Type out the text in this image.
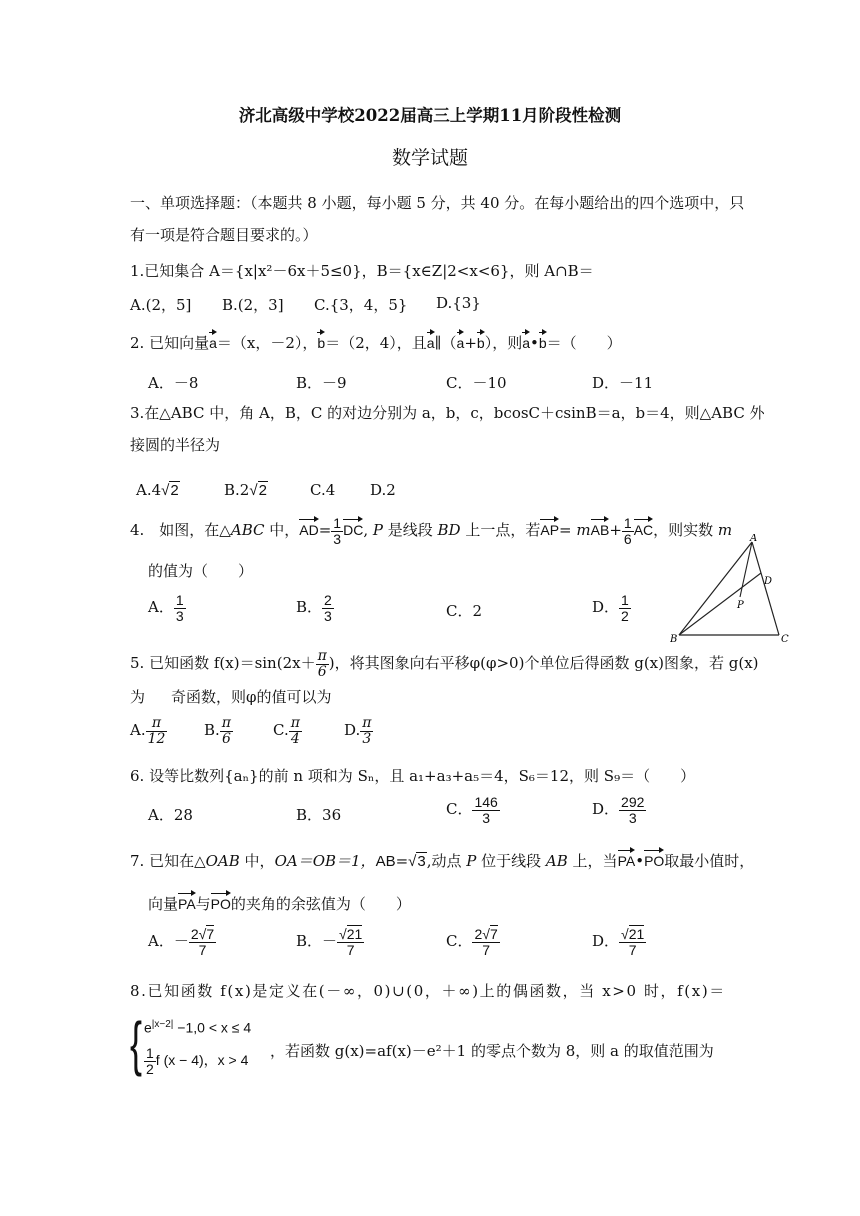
济北高级中学校2022届高三上学期11月阶段性检测
数学试题
一、单项选择题：（本题共 8 小题，每小题 5 分，共 40 分。在每小题给出的四个选项中，只
有一项是符合题目要求的。）
1.已知集合 A＝{x|x²－6x＋5≤0}，B＝{x∈Z|2<x<6}，则 A∩B＝
A.(2，5] B.(2，3] C.{3，4，5} D.{3}
2. 已知向量a＝（x，－2），b＝（2，4），且a∥（a+b），则a•b＝（　　）
A．－8	B．－9	C．－10	D．－11
3.在△ABC 中，角 A，B，C 的对边分别为 a，b，c，bcosC＋csinB＝a，b＝4，则△ABC 外
接圆的半径为
A.4√2	B.2√2	C.4 D.2
4.　如图，在△ABC 中，$AD= \frac{1}{3}$ DC, P 是线段 BD 上一点，若$AP= mAB+ \frac{1}{6}$ AC，则实数 m
的值为（　　）
A． $\frac{1}{3}$	B． $\frac{2}{3}$	C．2	D． $\frac{1}{2}$
A
B	C
D
P
5. 已知函数 $f(x)=\sin(2x+ \frac{\pi}{6}$ )，将其图象向右平移φ(φ>0)个单位后得函数 g(x)图象，若 g(x)
为 奇函数，则φ的值可以为
A. $\frac{\pi}{12} B$. $\frac{\pi}{6}$	C. $\frac{\pi}{4}$	D. $\frac{\pi}{3}$
6. 设等比数列{aₙ}的前 n 项和为 Sₙ，且 a₁+a₃+a₅＝4，S₆＝12，则 S₉＝（　　）
A．28	B．36	C． $\frac{146}{3}$	D． $\frac{292}{3}$
7. 已知在△OAB 中，OA＝OB＝1，AB=√3,动点 P 位于线段 AB 上，当PA•PO取最小值时，
向量PA与PO的夹角的余弦值为（　　）
A．－ $\frac{2√7}{7}$	B．－ $\frac{√21}{7}$	C． $\frac{2√7}{7}$	D． $\frac{√21}{7}$
8.已知函数 f(x)是定义在(－∞，0)∪(0，＋∞)上的偶函数，当 x>0 时，f(x)＝
{ $e^{|x-2|} -1,0 < x \le 4$
$\frac{1}{2}$ f (x − 4)，x > 4 ，若函数 g(x)=af(x)－e²＋1 的零点个数为 8，则 a 的取值范围为
